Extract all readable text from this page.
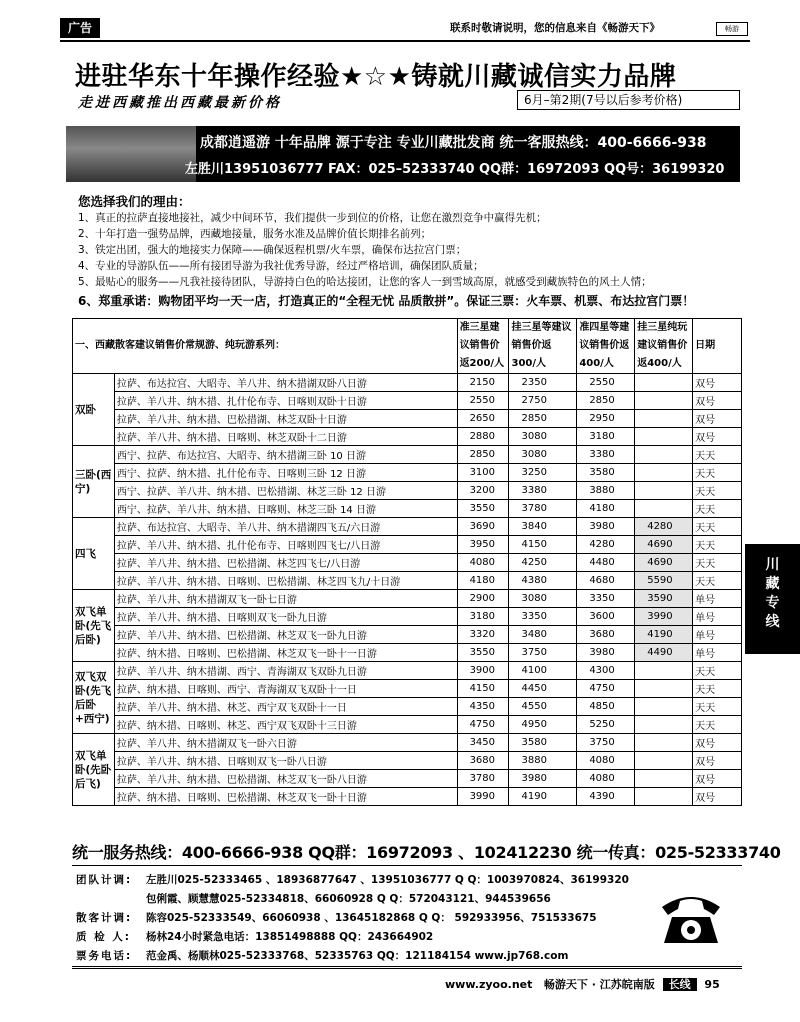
广告	联系时敬请说明，您的信息来自《畅游天下》	畅游
进驻华东十年操作经验★☆★铸就川藏诚信实力品牌
走进西藏推出西藏最新价格	6月–第2期(7号以后参考价格)
成都逍遥游 十年品牌 源于专注 专业川藏批发商 统一客服热线：400-6666-938
左胜川13951036777 FAX：025–52333740 QQ群：16972093 QQ号：36199320
您选择我们的理由：
1、真正的拉萨直接地接社，减少中间环节，我们提供一步到位的价格，让您在激烈竞争中赢得先机；
2、十年打造一强势品牌，西藏地接量，服务水准及品牌价值长期排名前列；
3、铁定出团，强大的地接实力保障——确保返程机票/火车票，确保布达拉宫门票；
4、专业的导游队伍——所有接团导游为我社优秀导游，经过严格培训，确保团队质量；
5、最贴心的服务——凡我社接待团队，导游持白色的哈达接团，让您的客人一到雪域高原，就感受到藏族特色的风土人情；
6、郑重承诺：购物团平均一天一店，打造真正的“全程无忧 品质散拼”。保证三票：火车票、机票、布达拉宫门票！
一、西藏散客建议销售价常规游、纯玩游系列：		准三星建议销售价返200/人	挂三星等建议销售价返300/人	准四星等建议销售价返400/人	挂三星纯玩建议销售价返400/人	日期
双卧	拉萨、布达拉宫、大昭寺、羊八井、纳木措湖双卧八日游	2150	2350	2550		双号
	拉萨、羊八井、纳木措、扎什伦布寺、日喀则双卧十日游	2550	2750	2850		双号
	拉萨、羊八井、纳木措、巴松措湖、林芝双卧十日游	2650	2850	2950		双号
	拉萨、羊八井、纳木措、日喀则、林芝双卧十二日游	2880	3080	3180		双号
三卧(西宁)	西宁、拉萨、布达拉宫、大昭寺、纳木措湖三卧 10 日游	2850	3080	3380		天天
	西宁、拉萨、纳木措、扎什伦布寺、日喀则三卧 12 日游	3100	3250	3580		天天
	西宁、拉萨、羊八井、纳木措、巴松措湖、林芝三卧 12 日游	3200	3380	3880		天天
	西宁、拉萨、羊八井、纳木措、日喀则、林芝三卧 14 日游	3550	3780	4180		天天
四飞	拉萨、布达拉宫、大昭寺、羊八井、纳木措湖四飞五/六日游	3690	3840	3980	4280	天天
	拉萨、羊八井、纳木措、扎什伦布寺、日喀则四飞七/八日游	3950	4150	4280	4690	天天
	拉萨、羊八井、纳木措、巴松措湖、林芝四飞七/八日游	4080	4250	4480	4690	天天
	拉萨、羊八井、纳木措、日喀则、巴松措湖、林芝四飞九/十日游	4180	4380	4680	5590	天天
双飞单卧(先飞后卧)	拉萨、羊八井、纳木措湖双飞一卧七日游	2900	3080	3350	3590	单号
	拉萨、羊八井、纳木措、日喀则双飞一卧九日游	3180	3350	3600	3990	单号
	拉萨、羊八井、纳木措、巴松措湖、林芝双飞一卧九日游	3320	3480	3680	4190	单号
	拉萨、纳木措、日喀则、巴松措湖、林芝双飞一卧十一日游	3550	3750	3980	4490	单号
双飞双卧(先飞后卧+西宁)	拉萨、羊八井、纳木措湖、西宁、青海湖双飞双卧九日游	3900	4100	4300		天天
	拉萨、纳木措、日喀则、西宁、青海湖双飞双卧十一日	4150	4450	4750		天天
	拉萨、羊八井、纳木措、林芝、西宁双飞双卧十一日	4350	4550	4850		天天
	拉萨、纳木措、日喀则、林芝、西宁双飞双卧十三日游	4750	4950	5250		天天
双飞单卧(先卧后飞)	拉萨、羊八井、纳木措湖双飞一卧六日游	3450	3580	3750		双号
	拉萨、羊八井、纳木措、日喀则双飞一卧八日游	3680	3880	4080		双号
	拉萨、羊八井、纳木措、巴松措湖、林芝双飞一卧八日游	3780	3980	4080		双号
	拉萨、纳木措、日喀则、巴松措湖、林芝双飞一卧十日游	3990	4190	4390		双号
川藏专线
统一服务热线：400-6666-938 QQ群：16972093 、102412230 统一传真：025-52333740
团队计调: 左胜川025-52333465 、18936877647 、13951036777 Q Q：1003970824、36199320
包俐霞、顾慧慧025-52334818、66060928 Q Q：572043121、944539656
散客计调: 陈容025-52333549、66060938 、13645182868 Q Q： 592933956、751533675
质 检 人: 杨林24小时紧急电话：13851498888 QQ：243664902
票务电话: 范金禹、杨顺林025-52333768、52335763 QQ：121184154 www.jp768.com
www.zyoo.net 畅游天下 · 江苏皖南版 长线 95
